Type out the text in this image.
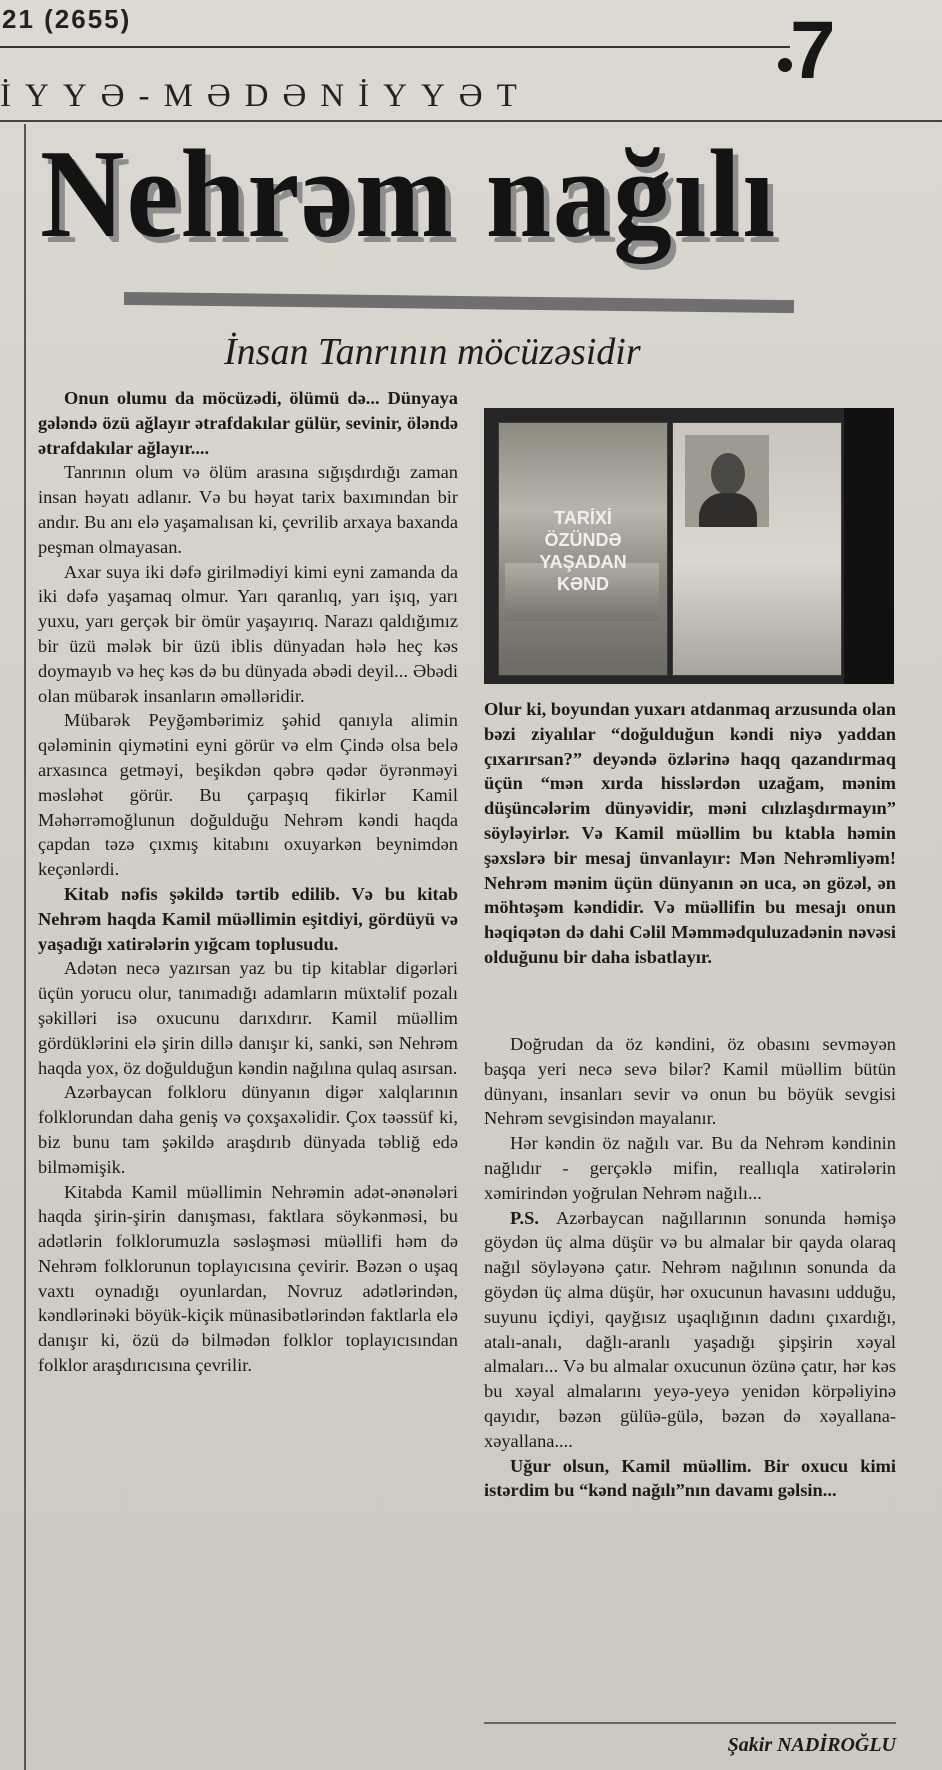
21 (2655)	7
İYYƏ-MƏDƏNİYYƏT
Nehrəm nağılı
İnsan Tanrının möcüzəsidir

Onun olumu da möcüzədi, ölümü də... Dünyaya gələndə özü ağlayır ətrafdakılar gülür, sevinir, öləndə ətrafdakılar ağlayır....

Tanrının olum və ölüm arasına sığışdırdığı zaman insan həyatı adlanır. Və bu həyat tarix baxımından bir andır. Bu anı elə yaşamalısan ki, çevrilib arxaya baxanda peşman olmayasan.

Axar suya iki dəfə girilmədiyi kimi eyni zamanda da iki dəfə yaşamaq olmur. Yarı qaranlıq, yarı işıq, yarı yuxu, yarı gerçək bir ömür yaşayırıq. Narazı qaldığımız bir üzü mələk bir üzü iblis dünyadan hələ heç kəs doymayıb və heç kəs də bu dünyada əbədi deyil... Əbədi olan mübarək insanların əməlləridir.

Mübarək Peyğəmbərimiz şəhid qanıyla alimin qələminin qiymətini eyni görür və elm Çində olsa belə arxasınca getməyi, beşikdən qəbrə qədər öyrənməyi məsləhət görür. Bu çarpaşıq fikirlər Kamil Məhərrəmoğlunun doğulduğu Nehrəm kəndi haqda çapdan təzə çıxmış kitabını oxuyarkən beynimdən keçənlərdi.

Kitab nəfis şəkildə tərtib edilib. Və bu kitab Nehrəm haqda Kamil müəllimin eşitdiyi, gördüyü və yaşadığı xatirələrin yığcam toplusudu.

Adətən necə yazırsan yaz bu tip kitablar digərləri üçün yorucu olur, tanımadığı adamların müxtəlif pozalı şəkilləri isə oxucunu darıxdırır. Kamil müəllim gördüklərini elə şirin dillə danışır ki, sanki, sən Nehrəm haqda yox, öz doğulduğun kəndin nağılına qulaq asırsan.

Azərbaycan folkloru dünyanın digər xalqlarının folklorundan daha geniş və çoxşaxəlidir. Çox təəssüf ki, biz bunu tam şəkildə araşdırıb dünyada təbliğ edə bilməmişik.

Kitabda Kamil müəllimin Nehrəmin adət-ənənələri haqda şirin-şirin danışması, faktlara söykənməsi, bu adətlərin folklorumuzla səsləşməsi müəllifi həm də Nehrəm folklorunun toplayıcısına çevirir. Bəzən o uşaq vaxtı oynadığı oyunlardan, Novruz adətlərindən, kəndlərinəki böyük-kiçik münasibətlərindən faktlarla elə danışır ki, özü də bilmədən folklor toplayıcısından folklor araşdırıcısına çevrilir.

TARİXİ ÖZÜNDƏ YAŞADAN KƏND

Olur ki, boyundan yuxarı atdanmaq arzusunda olan bəzi ziyalılar “doğulduğun kəndi niyə yaddan çıxarırsan?” deyəndə özlərinə haqq qazandırmaq üçün “mən xırda hisslərdən uzağam, mənim düşüncələrim dünyəvidir, məni cılızlaşdırmayın” söyləyirlər. Və Kamil müəllim bu ktabla həmin şəxslərə bir mesaj ünvanlayır: Mən Nehrəmliyəm! Nehrəm mənim üçün dünyanın ən uca, ən gözəl, ən möhtəşəm kəndidir. Və müəllifin bu mesajı onun həqiqətən də dahi Cəlil Məmmədquluzadənin nəvəsi olduğunu bir daha isbatlayır.

Doğrudan da öz kəndini, öz obasını sevməyən başqa yeri necə sevə bilər? Kamil müəllim bütün dünyanı, insanları sevir və onun bu böyük sevgisi Nehrəm sevgisindən mayalanır.

Hər kəndin öz nağılı var. Bu da Nehrəm kəndinin nağlıdır - gerçəklə mifin, reallıqla xatirələrin xəmirindən yoğrulan Nehrəm nağılı...

P.S. Azərbaycan nağıllarının sonunda həmişə göydən üç alma düşür və bu almalar bir qayda olaraq nağıl söyləyənə çatır. Nehrəm nağılının sonunda da göydən üç alma düşür, hər oxucunun havasını udduğu, suyunu içdiyi, qayğısız uşaqlığının dadını çıxardığı, atalı-analı, dağlı-aranlı yaşadığı şipşirin xəyal almaları... Və bu almalar oxucunun özünə çatır, hər kəs bu xəyal almalarını yeyə-yeyə yenidən körpəliyinə qayıdır, bəzən gülüə-gülə, bəzən də xəyallana-xəyallana....

Uğur olsun, Kamil müəllim. Bir oxucu kimi istərdim bu “kənd nağılı”nın davamı gəlsin...

Şakir NADİROĞLU
